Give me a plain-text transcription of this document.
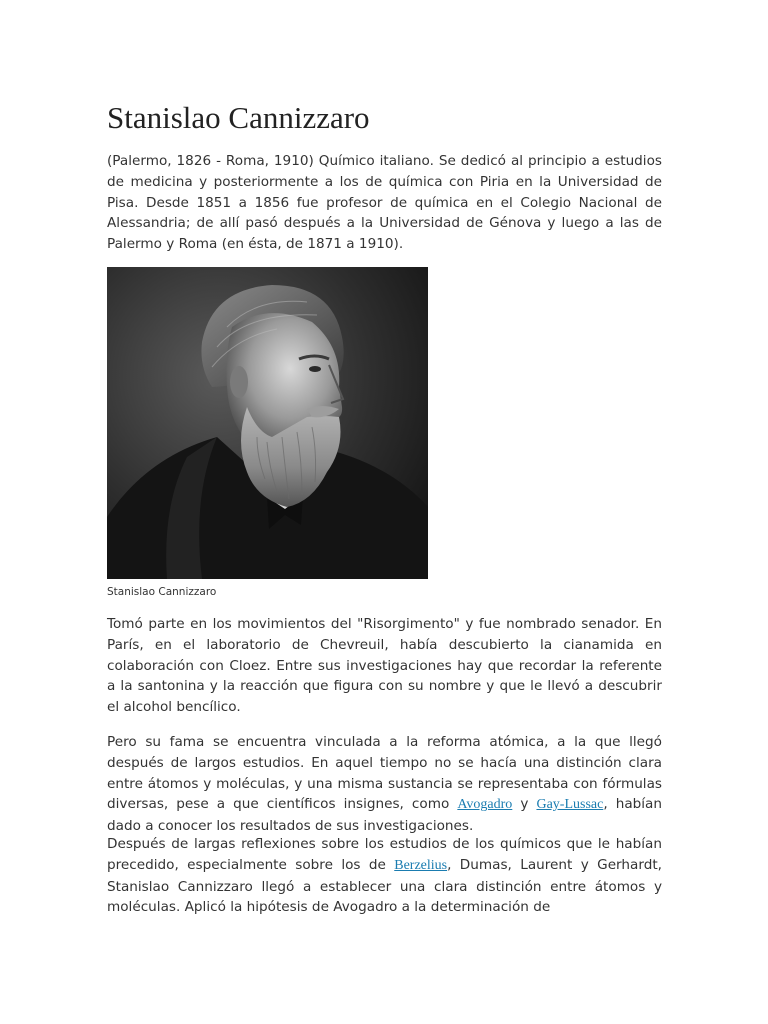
Stanislao Cannizzaro

(Palermo, 1826 - Roma, 1910) Químico italiano. Se dedicó al principio a estudios de medicina y posteriormente a los de química con Piria en la Universidad de Pisa. Desde 1851 a 1856 fue profesor de química en el Colegio Nacional de Alessandria; de allí pasó después a la Universidad de Génova y luego a las de Palermo y Roma (en ésta, de 1871 a 1910).

Stanislao Cannizzaro

Tomó parte en los movimientos del "Risorgimento" y fue nombrado senador. En París, en el laboratorio de Chevreuil, había descubierto la cianamida en colaboración con Cloez. Entre sus investigaciones hay que recordar la referente a la santonina y la reacción que figura con su nombre y que le llevó a descubrir el alcohol bencílico.

Pero su fama se encuentra vinculada a la reforma atómica, a la que llegó después de largos estudios. En aquel tiempo no se hacía una distinción clara entre átomos y moléculas, y una misma sustancia se representaba con fórmulas diversas, pese a que científicos insignes, como Avogadro y Gay-Lussac, habían dado a conocer los resultados de sus investigaciones.

Después de largas reflexiones sobre los estudios de los químicos que le habían precedido, especialmente sobre los de Berzelius, Dumas, Laurent y Gerhardt, Stanislao Cannizzaro llegó a establecer una clara distinción entre átomos y moléculas. Aplicó la hipótesis de Avogadro a la determinación de
